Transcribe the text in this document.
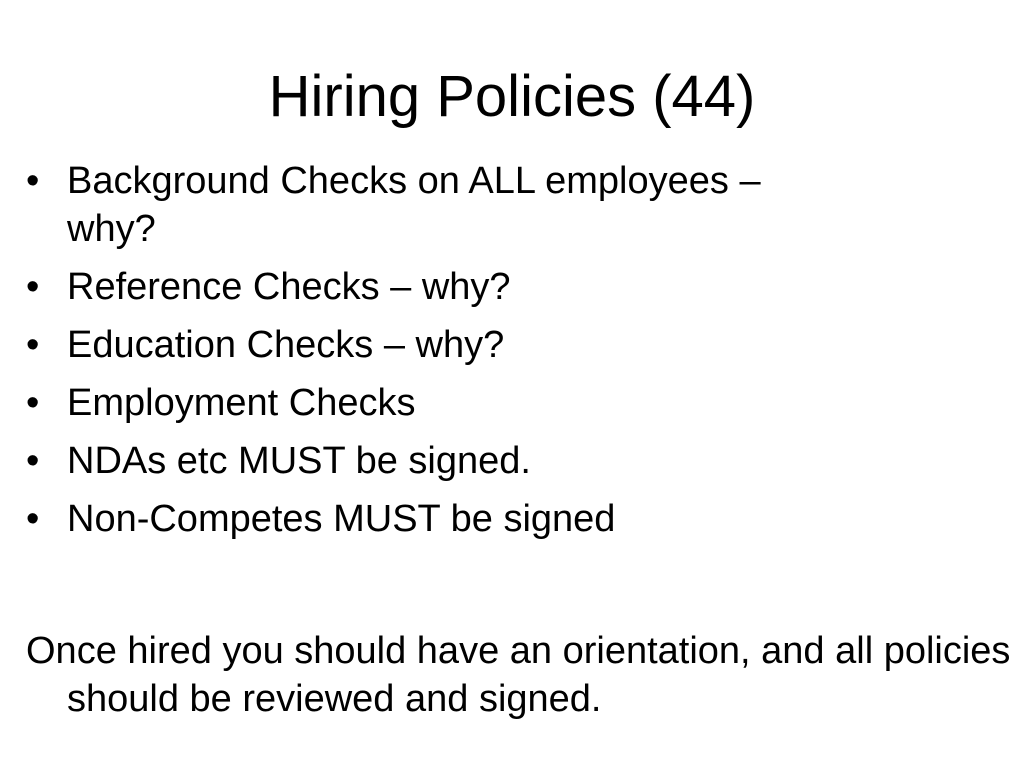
Hiring Policies (44)
• Background Checks on ALL employees –
why?
• Reference Checks – why?
• Education Checks – why?
• Employment Checks
• NDAs etc MUST be signed.
• Non-Competes MUST be signed

Once hired you should have an orientation, and all policies should be reviewed and signed.
